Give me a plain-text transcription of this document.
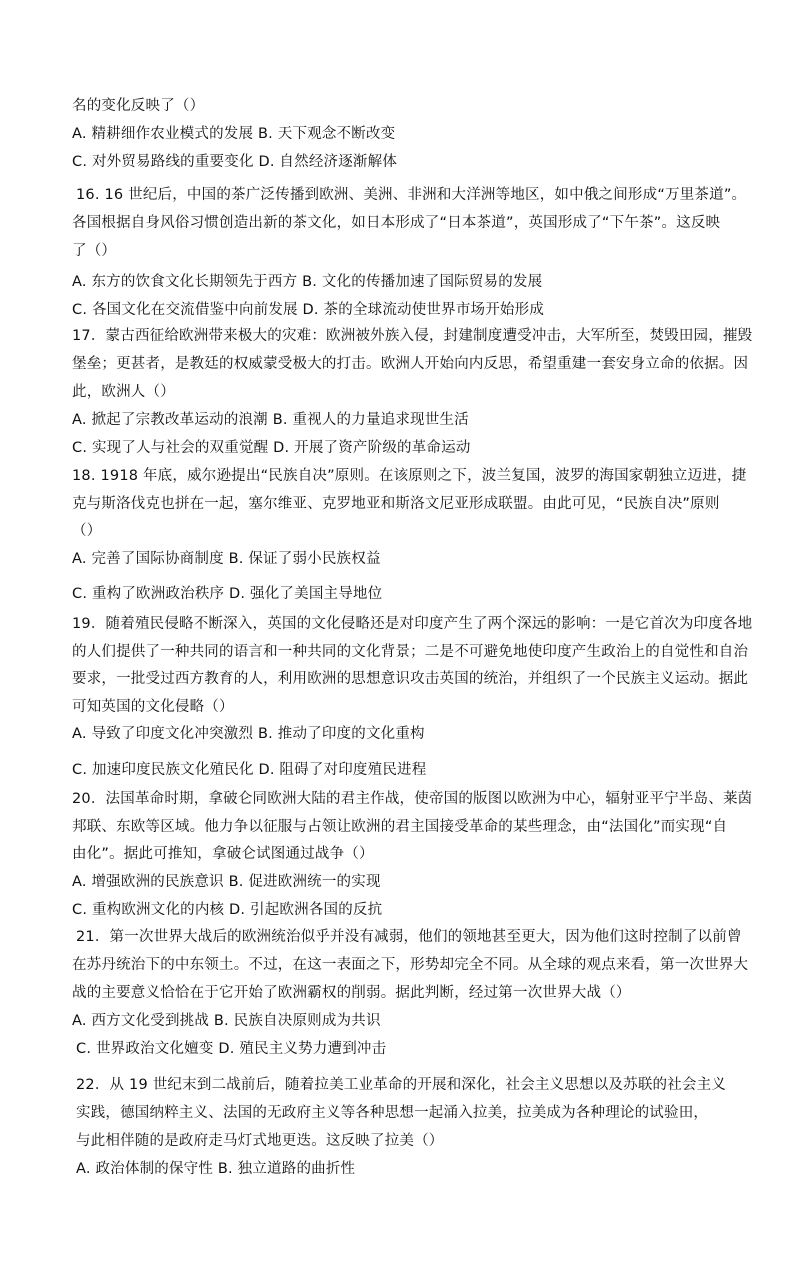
名的变化反映了（）
A. 精耕细作农业模式的发展 B. 天下观念不断改变
C. 对外贸易路线的重要变化 D. 自然经济逐渐解体
16. 16 世纪后，中国的茶广泛传播到欧洲、美洲、非洲和大洋洲等地区，如中俄之间形成“万里茶道”。
各国根据自身风俗习惯创造出新的茶文化，如日本形成了“日本茶道”，英国形成了“下午茶”。这反映
了（）
A. 东方的饮食文化长期领先于西方 B. 文化的传播加速了国际贸易的发展
C. 各国文化在交流借鉴中向前发展 D. 茶的全球流动使世界市场开始形成
17．蒙古西征给欧洲带来极大的灾难：欧洲被外族入侵，封建制度遭受冲击，大军所至，焚毁田园，摧毁
堡垒；更甚者，是教廷的权威蒙受极大的打击。欧洲人开始向内反思，希望重建一套安身立命的依据。因
此，欧洲人（）
A. 掀起了宗教改革运动的浪潮 B. 重视人的力量追求现世生活
C. 实现了人与社会的双重觉醒 D. 开展了资产阶级的革命运动
18. 1918 年底，威尔逊提出“民族自决”原则。在该原则之下，波兰复国，波罗的海国家朝独立迈进，捷
克与斯洛伐克也拼在一起，塞尔维亚、克罗地亚和斯洛文尼亚形成联盟。由此可见，“民族自决”原则
（）
A. 完善了国际协商制度 B. 保证了弱小民族权益
C. 重构了欧洲政治秩序 D. 强化了美国主导地位
19．随着殖民侵略不断深入，英国的文化侵略还是对印度产生了两个深远的影响：一是它首次为印度各地
的人们提供了一种共同的语言和一种共同的文化背景；二是不可避免地使印度产生政治上的自觉性和自治
要求，一批受过西方教育的人，利用欧洲的思想意识攻击英国的统治，并组织了一个民族主义运动。据此
可知英国的文化侵略（）
A. 导致了印度文化冲突激烈 B. 推动了印度的文化重构
C. 加速印度民族文化殖民化 D. 阻碍了对印度殖民进程
20．法国革命时期，拿破仑同欧洲大陆的君主作战，使帝国的版图以欧洲为中心，辐射亚平宁半岛、莱茵
邦联、东欧等区域。他力争以征服与占领让欧洲的君主国接受革命的某些理念，由“法国化”而实现“自
由化”。据此可推知，拿破仑试图通过战争（）
A. 增强欧洲的民族意识 B. 促进欧洲统一的实现
C. 重构欧洲文化的内核 D. 引起欧洲各国的反抗
21．第一次世界大战后的欧洲统治似乎并没有减弱，他们的领地甚至更大，因为他们这时控制了以前曾
在苏丹统治下的中东领土。不过，在这一表面之下，形势却完全不同。从全球的观点来看，第一次世界大
战的主要意义恰恰在于它开始了欧洲霸权的削弱。据此判断，经过第一次世界大战（）
A. 西方文化受到挑战 B. 民族自决原则成为共识
C. 世界政治文化嬗变 D. 殖民主义势力遭到冲击
22．从 19 世纪末到二战前后，随着拉美工业革命的开展和深化，社会主义思想以及苏联的社会主义
实践，德国纳粹主义、法国的无政府主义等各种思想一起涌入拉美，拉美成为各种理论的试验田，
与此相伴随的是政府走马灯式地更迭。这反映了拉美（）
A. 政治体制的保守性 B. 独立道路的曲折性
